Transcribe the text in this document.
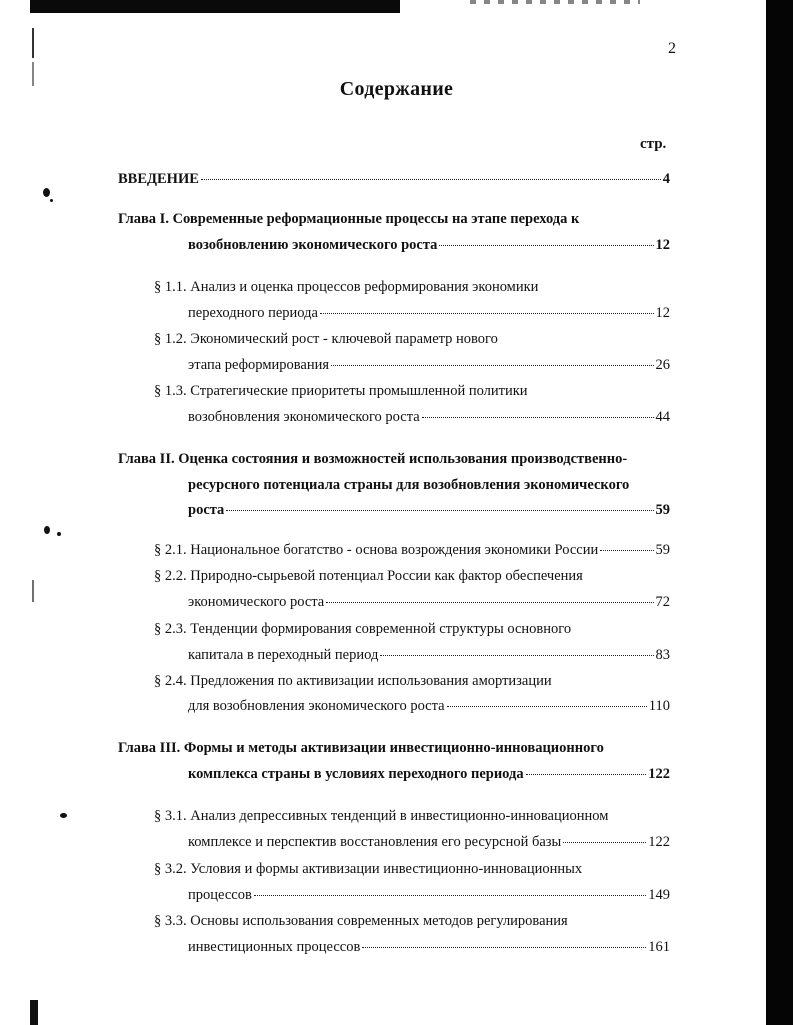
2
Содержание
стр.
ВВЕДЕНИЕ	4
Глава I. Современные реформационные процессы на этапе перехода к
возобновлению экономического роста	12
§ 1.1. Анализ и оценка процессов реформирования экономики
переходного периода	12
§ 1.2. Экономический рост - ключевой параметр нового
этапа реформирования	26
§ 1.3. Стратегические приоритеты промышленной политики
возобновления экономического роста	44
Глава II. Оценка состояния и возможностей использования производственно-
ресурсного потенциала страны для возобновления экономического
роста	59
§ 2.1. Национальное богатство - основа возрождения экономики России	59
§ 2.2. Природно-сырьевой потенциал России как фактор обеспечения
экономического роста	72
§ 2.3. Тенденции формирования современной структуры основного
капитала в переходный период	83
§ 2.4. Предложения по активизации использования амортизации
для возобновления экономического роста	110
Глава III. Формы и методы активизации инвестиционно-инновационного
комплекса страны в условиях переходного периода	122
§ 3.1. Анализ депрессивных тенденций в инвестиционно-инновационном
комплексе и перспектив восстановления его ресурсной базы	122
§ 3.2. Условия и формы активизации инвестиционно-инновационных
процессов	149
§ 3.3. Основы использования современных методов регулирования
инвестиционных процессов	161
